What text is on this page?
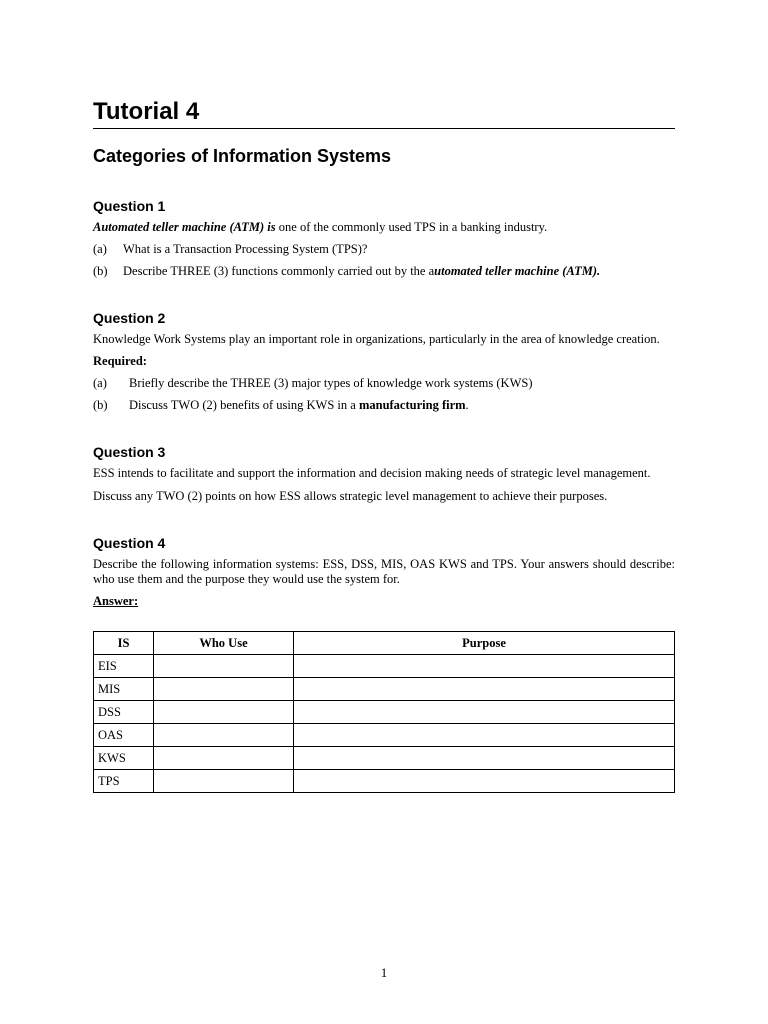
Tutorial 4
Categories of Information Systems
Question 1

Automated teller machine (ATM) is one of the commonly used TPS in a banking industry.

(a)	What is a Transaction Processing System (TPS)?
(b)	Describe THREE (3) functions commonly carried out by the automated teller machine (ATM).
Question 2

Knowledge Work Systems play an important role in organizations, particularly in the area of knowledge creation.

Required:

(a)	Briefly describe the THREE (3) major types of knowledge work systems (KWS)
(b)	Discuss TWO (2) benefits of using KWS in a manufacturing firm.
Question 3

ESS intends to facilitate and support the information and decision making needs of strategic level management.

Discuss any TWO (2) points on how ESS allows strategic level management to achieve their purposes.

Question 4

Describe the following information systems: ESS, DSS, MIS, OAS KWS and TPS. Your answers should describe: who use them and the purpose they would use the system for.

Answer:

IS	Who Use	Purpose
EIS		
MIS		
DSS		
OAS		
KWS		
TPS		
1
